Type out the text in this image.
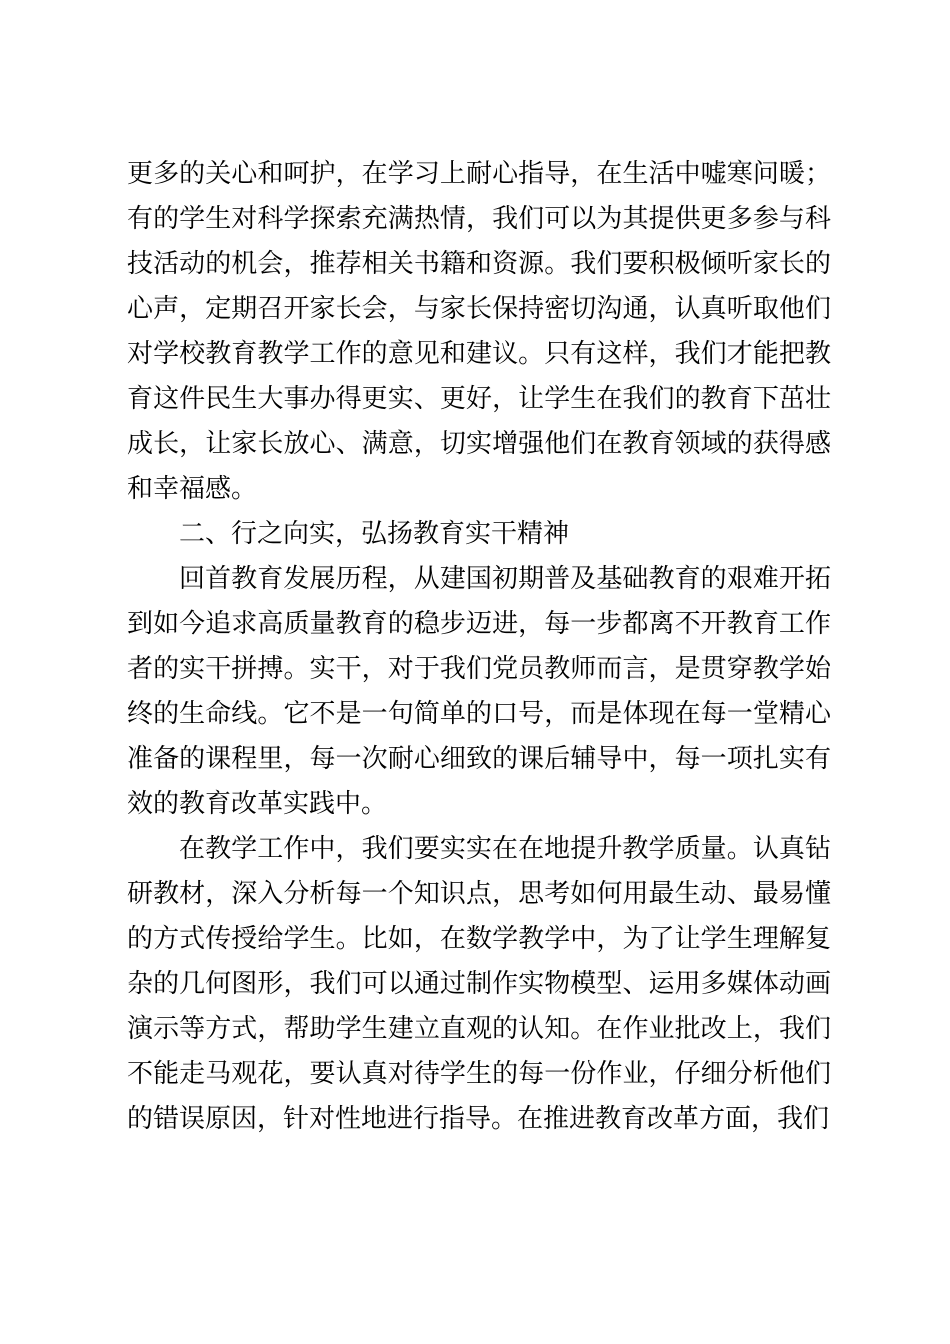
更多的关心和呵护，在学习上耐心指导，在生活中嘘寒问暖；有的学生对科学探索充满热情，我们可以为其提供更多参与科技活动的机会，推荐相关书籍和资源。我们要积极倾听家长的心声，定期召开家长会，与家长保持密切沟通，认真听取他们对学校教育教学工作的意见和建议。只有这样，我们才能把教育这件民生大事办得更实、更好，让学生在我们的教育下茁壮成长，让家长放心、满意，切实增强他们在教育领域的获得感和幸福感。

二、行之向实，弘扬教育实干精神

回首教育发展历程，从建国初期普及基础教育的艰难开拓到如今追求高质量教育的稳步迈进，每一步都离不开教育工作者的实干拼搏。实干，对于我们党员教师而言，是贯穿教学始终的生命线。它不是一句简单的口号，而是体现在每一堂精心准备的课程里，每一次耐心细致的课后辅导中，每一项扎实有效的教育改革实践中。

在教学工作中，我们要实实在在地提升教学质量。认真钻研教材，深入分析每一个知识点，思考如何用最生动、最易懂的方式传授给学生。比如，在数学教学中，为了让学生理解复杂的几何图形，我们可以通过制作实物模型、运用多媒体动画演示等方式，帮助学生建立直观的认知。在作业批改上，我们不能走马观花，要认真对待学生的每一份作业，仔细分析他们的错误原因，针对性地进行指导。在推进教育改革方面，我们
